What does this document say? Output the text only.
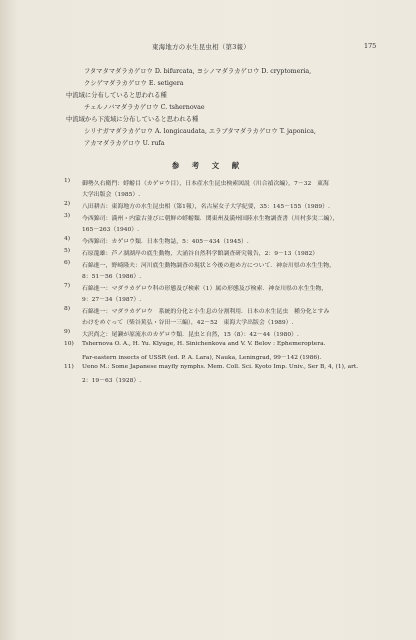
東海地方の水生昆虫相（第3報）	175
フタマタマダラカゲロウ D. bifurcata, ヨシノマダラカゲロウ D. cryptomeria,
クシゲマダラカゲロウ E. setigera
中流域に分布していると思われる種
チェルノバマダラカゲロウ C. tshernovae
中流域から下流域に分布していると思われる種
シリナガマダラカゲロウ A. longicaudata, エラブタマダラカゲロウ T. japonica,
アカマダラカゲロウ U. rufa
参 考 文 献
1) 御勢久右衛門：蜉蝣目（カゲロウ目），日本産水生昆虫検索図説（川合禎次編），7－32　東海
大学出版会（1985）.
2) 八田耕吉：東海地方の水生昆虫相（第1報），名古屋女子大学紀要，35：145－155（1989）.
3) 今西錦司：満州・内蒙古並びに朝鮮の蜉蝣類．関東州及満州国陸水生物調査書（川村多実二編），
165－263（1940）.
4) 今西錦司：カゲロウ類．日本生物誌，5：405－434（1945）.
5) 石原龍雄：芦ノ湖湖岸の底生動物，大涌谷自然科学館調査研究報告，2：9－13（1982）
6) 石綿進一，野崎隆夫：河川底生動物調査の現状と今後の進め方について．神奈川県の水生生物，
8：51－56（1986）.
7) 石綿進一：マダラカゲロウ科の形態及び検索（1）属の形態及び検索．神奈川県の水生生物，
9：27－34（1987）.
8) 石綿進一：マダラカゲロウ　系統的分化と小生息の分割利用．日本の水生昆虫　種分化とすみ
わけをめぐって（柴谷篤弘・谷田一三編），42－52　東海大学出版会（1989）.
9) 大沢尚之：尾瀬が原流水のカゲロウ類．昆虫と自然，15（8）：42－44（1980）.
10) Tshernova O. A., H. Yu. Klyuge, H. Sinichenkova and V. V. Belov : Ephemeroptera.
Far-eastern insects of USSR (ed. P. A. Lara), Nauka, Leningrad, 99－142 (1986).
11) Ueno M.: Some Japanese mayfly nymphs. Mem. Coll. Sci. Kyoto Imp. Univ., Ser B, 4, (1), art.
2：19－63（1928）.
